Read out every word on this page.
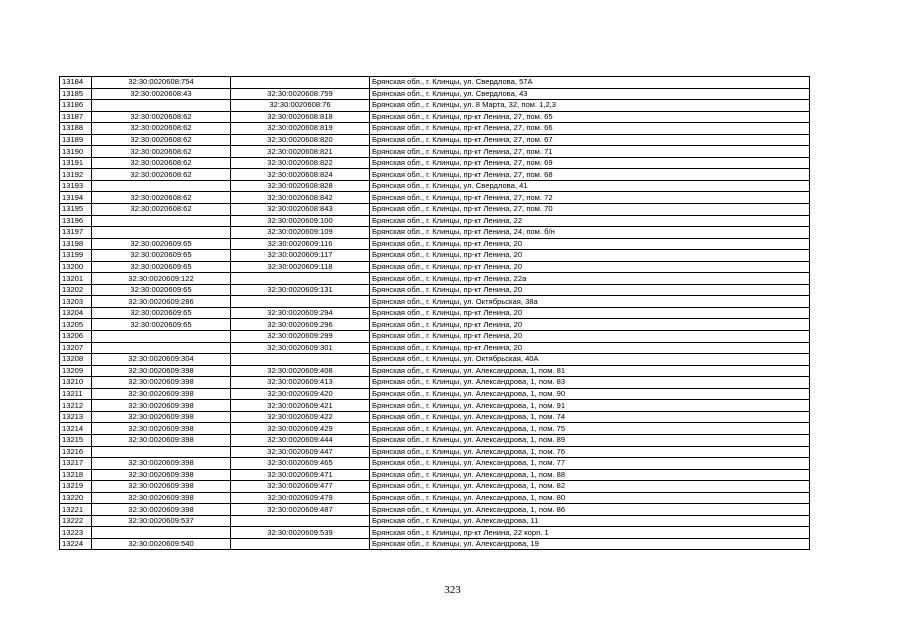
13184	32:30:0020608:754		Брянская обл., г. Клинцы, ул. Свердлова, 57А
13185	32:30:0020608:43	32:30:0020608:759	Брянская обл., г. Клинцы, ул. Свердлова, 43
13186		32:30:0020608:76	Брянская обл., г. Клинцы, ул. 8 Марта, 32, пом. 1,2,3
13187	32:30:0020608:62	32:30:0020608:818	Брянская обл., г. Клинцы, пр-кт Ленина, 27, пом. 65
13188	32:30:0020608:62	32:30:0020608:819	Брянская обл., г. Клинцы, пр-кт Ленина, 27, пом. 66
13189	32:30:0020608:62	32:30:0020608:820	Брянская обл., г. Клинцы, пр-кт Ленина, 27, пом. 67
13190	32:30:0020608:62	32:30:0020608:821	Брянская обл., г. Клинцы, пр-кт Ленина, 27, пом. 71
13191	32:30:0020608:62	32:30:0020608:822	Брянская обл., г. Клинцы, пр-кт Ленина, 27, пом. 69
13192	32:30:0020608:62	32:30:0020608:824	Брянская обл., г. Клинцы, пр-кт Ленина, 27, пом. 68
13193		32:30:0020608:828	Брянская обл., г. Клинцы, ул. Свердлова, 41
13194	32:30:0020608:62	32:30:0020608:842	Брянская обл., г. Клинцы, пр-кт Ленина, 27, пом. 72
13195	32:30:0020608:62	32:30:0020608:843	Брянская обл., г. Клинцы, пр-кт Ленина, 27, пом. 70
13196		32:30:0020609:100	Брянская обл., г. Клинцы, пр-кт Ленина, 22
13197		32:30:0020609:109	Брянская обл., г. Клинцы, пр-кт Ленина, 24, пом. б/н
13198	32:30:0020609:65	32:30:0020609:116	Брянская обл., г. Клинцы, пр-кт Ленина, 20
13199	32:30:0020609:65	32:30:0020609:117	Брянская обл., г. Клинцы, пр-кт Ленина, 20
13200	32:30:0020609:65	32:30:0020609:118	Брянская обл., г. Клинцы, пр-кт Ленина, 20
13201	32:30:0020609:122		Брянская обл., г. Клинцы, пр-кт Ленина, 22а
13202	32:30:0020609:65	32:30:0020609:131	Брянская обл., г. Клинцы, пр-кт Ленина, 20
13203	32:30:0020609:286		Брянская обл., г. Клинцы, ул. Октябрьская, 38а
13204	32:30:0020609:65	32:30:0020609:294	Брянская обл., г. Клинцы, пр-кт Ленина, 20
13205	32:30:0020609:65	32:30:0020609:296	Брянская обл., г. Клинцы, пр-кт Ленина, 20
13206		32:30:0020609:299	Брянская обл., г. Клинцы, пр-кт Ленина, 20
13207		32:30:0020609:301	Брянская обл., г. Клинцы, пр-кт Ленина, 20
13208	32:30:0020609:304		Брянская обл., г. Клинцы, ул. Октябрьская, 40А
13209	32:30:0020609:398	32:30:0020609:408	Брянская обл., г. Клинцы, ул. Александрова, 1, пом. 81
13210	32:30:0020609:398	32:30:0020609:413	Брянская обл., г. Клинцы, ул. Александрова, 1, пом. 83
13211	32:30:0020609:398	32:30:0020609:420	Брянская обл., г. Клинцы, ул. Александрова, 1, пом. 90
13212	32:30:0020609:398	32:30:0020609:421	Брянская обл., г. Клинцы, ул. Александрова, 1, пом. 91
13213	32:30:0020609:398	32:30:0020609:422	Брянская обл., г. Клинцы, ул. Александрова, 1, пом. 74
13214	32:30:0020609:398	32:30:0020609:429	Брянская обл., г. Клинцы, ул. Александрова, 1, пом. 75
13215	32:30:0020609:398	32:30:0020609:444	Брянская обл., г. Клинцы, ул. Александрова, 1, пом. 89
13216		32:30:0020609:447	Брянская обл., г. Клинцы, ул. Александрова, 1, пом. 76
13217	32:30:0020609:398	32:30:0020609:465	Брянская обл., г. Клинцы, ул. Александрова, 1, пом. 77
13218	32:30:0020609:398	32:30:0020609:471	Брянская обл., г. Клинцы, ул. Александрова, 1, пом. 88
13219	32:30:0020609:398	32:30:0020609:477	Брянская обл., г. Клинцы, ул. Александрова, 1, пом. 82
13220	32:30:0020609:398	32:30:0020609:479	Брянская обл., г. Клинцы, ул. Александрова, 1, пом. 80
13221	32:30:0020609:398	32:30:0020609:487	Брянская обл., г. Клинцы, ул. Александрова, 1, пом. 86
13222	32:30:0020609:537		Брянская обл., г. Клинцы, ул. Александрова, 11
13223		32:30:0020609:539	Брянская обл., г. Клинцы, пр-кт Ленина, 22 корп. 1
13224	32:30:0020609:540		Брянская обл., г. Клинцы, ул. Александрова, 19
323
